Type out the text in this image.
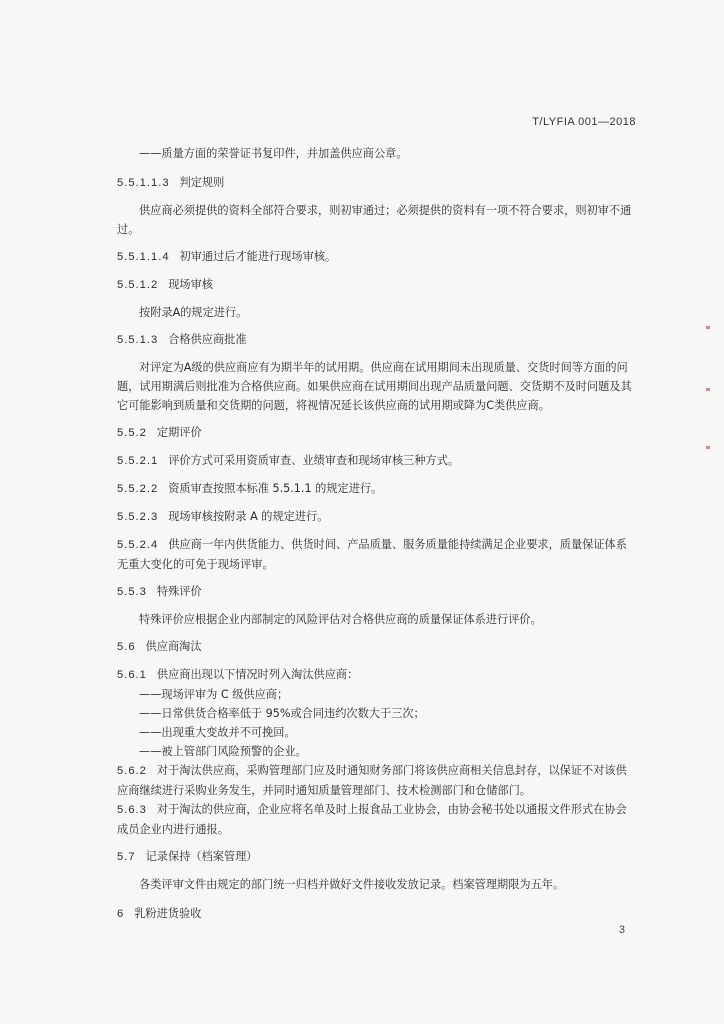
T/LYFIA 001—2018

——质量方面的荣誉证书复印件，并加盖供应商公章。

5.5.1.1.3 判定规则

供应商必须提供的资料全部符合要求，则初审通过；必须提供的资料有一项不符合要求，则初审不通过。

5.5.1.1.4 初审通过后才能进行现场审核。

5.5.1.2 现场审核

按附录A的规定进行。

5.5.1.3 合格供应商批准

对评定为A级的供应商应有为期半年的试用期。供应商在试用期间未出现质量、交货时间等方面的问题，试用期满后则批准为合格供应商。如果供应商在试用期间出现产品质量问题、交货期不及时问题及其它可能影响到质量和交货期的问题，将视情况延长该供应商的试用期或降为C类供应商。

5.5.2 定期评价

5.5.2.1 评价方式可采用资质审查、业绩审查和现场审核三种方式。

5.5.2.2 资质审查按照本标准 5.5.1.1 的规定进行。

5.5.2.3 现场审核按附录 A 的规定进行。

5.5.2.4 供应商一年内供货能力、供货时间、产品质量、服务质量能持续满足企业要求，质量保证体系无重大变化的可免于现场评审。

5.5.3 特殊评价

特殊评价应根据企业内部制定的风险评估对合格供应商的质量保证体系进行评价。

5.6 供应商淘汰

5.6.1 供应商出现以下情况时列入淘汰供应商：

——现场评审为 C 级供应商；

——日常供货合格率低于 95%或合同违约次数大于三次；

——出现重大变故并不可挽回。

——被上管部门风险预警的企业。

5.6.2 对于淘汰供应商，采购管理部门应及时通知财务部门将该供应商相关信息封存，以保证不对该供应商继续进行采购业务发生，并同时通知质量管理部门、技术检测部门和仓储部门。

5.6.3 对于淘汰的供应商，企业应将名单及时上报食品工业协会，由协会秘书处以通报文件形式在协会成员企业内进行通报。

5.7 记录保持（档案管理）

各类评审文件由规定的部门统一归档并做好文件接收发放记录。档案管理期限为五年。

6 乳粉进货验收

3
